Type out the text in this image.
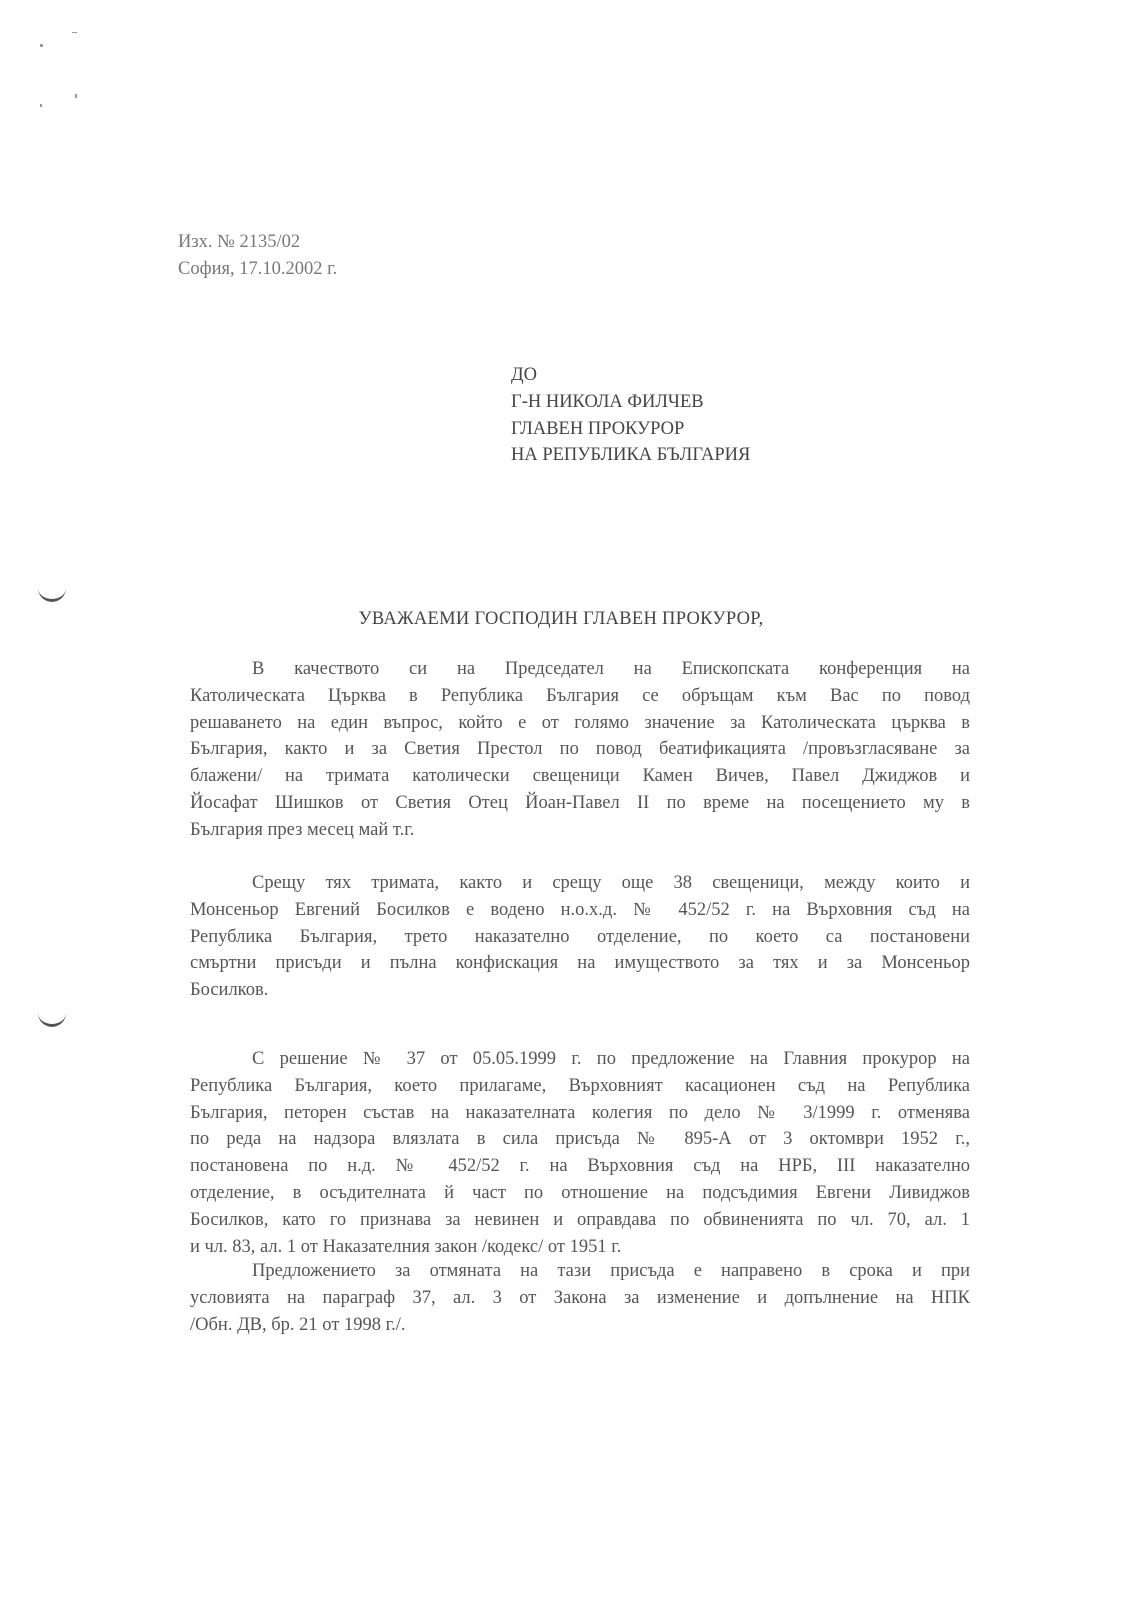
Изх. № 2135/02
София, 17.10.2002 г.
ДО
Г-Н НИКОЛА ФИЛЧЕВ
ГЛАВЕН ПРОКУРОР
НА РЕПУБЛИКА БЪЛГАРИЯ
УВАЖАЕМИ ГОСПОДИН ГЛАВЕН ПРОКУРОР,
В качеството си на Председател на Епископската конференция на
Католическата Църква в Република България се обръщам към Вас по повод
решаването на един въпрос, който е от голямо значение за Католическата църква в
България, както и за Светия Престол по повод беатификацията /провъзгласяване за
блажени/ на тримата католически свещеници Камен Вичев, Павел Джиджов и
Йосафат Шишков от Светия Отец Йоан-Павел II по време на посещението му в
България през месец май т.г.
Срещу тях тримата, както и срещу още 38 свещеници, между които и
Монсеньор Евгений Босилков е водено н.о.х.д. № 452/52 г. на Върховния съд на
Република България, трето наказателно отделение, по което са постановени
смъртни присъди и пълна конфискация на имуществото за тях и за Монсеньор
Босилков.
С решение № 37 от 05.05.1999 г. по предложение на Главния прокурор на
Република България, което прилагаме, Върховният касационен съд на Република
България, петорен състав на наказателната колегия по дело № 3/1999 г. отменява
по реда на надзора влязлата в сила присъда № 895-А от 3 октомври 1952 г.,
постановена по н.д. № 452/52 г. на Върховния съд на НРБ, III наказателно
отделение, в осъдителната й част по отношение на подсъдимия Евгени Ливиджов
Босилков, като го признава за невинен и оправдава по обвиненията по чл. 70, ал. 1
и чл. 83, ал. 1 от Наказателния закон /кодекс/ от 1951 г.
Предложението за отмяната на тази присъда е направено в срока и при
условията на параграф 37, ал. 3 от Закона за изменение и допълнение на НПК
/Обн. ДВ, бр. 21 от 1998 г./.
